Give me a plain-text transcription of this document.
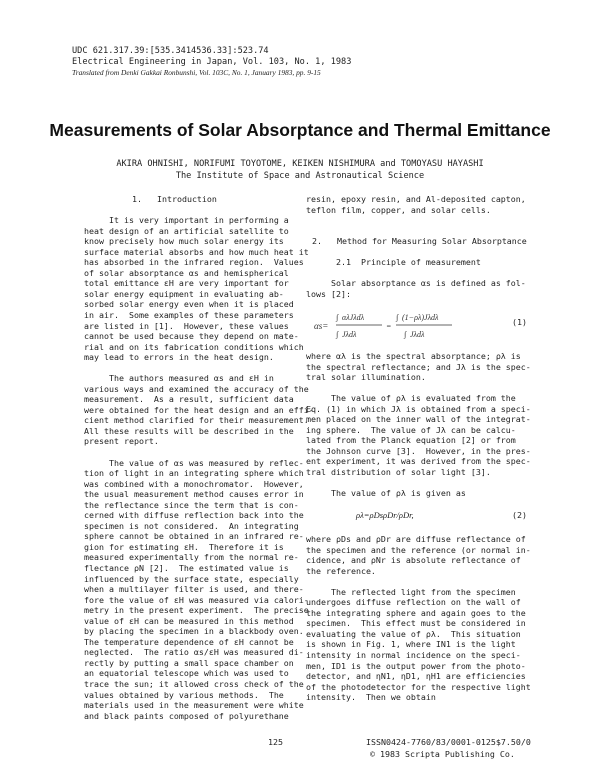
UDC 621.317.39:[535.3414536.33]:523.74
Electrical Engineering in Japan, Vol. 103, No. 1, 1983
Translated from Denki Gakkai Ronbunshi, Vol. 103C, No. 1, January 1983, pp. 9-15
Measurements of Solar Absorptance and Thermal Emittance
AKIRA OHNISHI, NORIFUMI TOYOTOME, KEIKEN NISHIMURA and TOMOYASU HAYASHI
The Institute of Space and Astronautical Science

1.   Introduction

It is very important in performing a

heat design of an artificial satellite to

know precisely how much solar energy its

surface material absorbs and how much heat it

has absorbed in the infrared region.  Values

of solar absorptance αs and hemispherical

total emittance εH are very important for

solar energy equipment in evaluating ab-

sorbed solar energy even when it is placed

in air.  Some examples of these parameters

are listed in [1].  However, these values

cannot be used because they depend on mate-

rial and on its fabrication conditions which

may lead to errors in the heat design.

The authors measured αs and εH in

various ways and examined the accuracy of the

measurement.  As a result, sufficient data

were obtained for the heat design and an effi-

cient method clarified for their measurement.

All these results will be described in the

present report.

The value of αs was measured by reflec-

tion of light in an integrating sphere which

was combined with a monochromator.  However,

the usual measurement method causes error in

the reflectance since the term that is con-

cerned with diffuse reflection back into the

specimen is not considered.  An integrating

sphere cannot be obtained in an infrared re-

gion for estimating εH.  Therefore it is

measured experimentally from the normal re-

flectance ρN [2].  The estimated value is

influenced by the surface state, especially

when a multilayer filter is used, and there-

fore the value of εH was measured via calori-

metry in the present experiment.  The precise

value of εH can be measured in this method

by placing the specimen in a blackbody oven.

The temperature dependence of εH cannot be

neglected.  The ratio αs/εH was measured di-

rectly by putting a small space chamber on

an equatorial telescope which was used to

trace the sun; it allowed cross check of the

values obtained by various methods.  The

materials used in the measurement were white

and black paints composed of polyurethane

resin, epoxy resin, and Al-deposited capton,

teflon film, copper, and solar cells.

2.   Method for Measuring Solar Absorptance

2.1  Principle of measurement

Solar absorptance αs is defined as fol-

lows [2]:

αs=
∫ αλJλdλ
∫ Jλdλ
=
∫ (1−ρλ)Jλdλ
∫ Jλdλ
(1)

where αλ is the spectral absorptance; ρλ is

the spectral reflectance; and Jλ is the spec-

tral solar illumination.

The value of ρλ is evaluated from the

Eq. (1) in which Jλ is obtained from a speci-

men placed on the inner wall of the integrat-

ing sphere.  The value of Jλ can be calcu-

lated from the Planck equation [2] or from

the Johnson curve [3].  However, in the pres-

ent experiment, it was derived from the spec-

tral distribution of solar light [3].

The value of ρλ is given as

ρλ=ρDsρDr/ρDr,	(2)

where ρDs and ρDr are diffuse reflectance of

the specimen and the reference (or normal in-

cidence, and ρNr is absolute reflectance of

the reference.

The reflected light from the specimen

undergoes diffuse reflection on the wall of

the integrating sphere and again goes to the

specimen.  This effect must be considered in

evaluating the value of ρλ.  This situation

is shown in Fig. 1, where IN1 is the light

intensity in normal incidence on the speci-

men, ID1 is the output power from the photo-

detector, and ηN1, ηD1, ηH1 are efficiencies

of the photodetector for the respective light

intensity.  Then we obtain

125	ISSN0424-7760/83/0001-0125$7.50/0
© 1983 Scripta Publishing Co.
